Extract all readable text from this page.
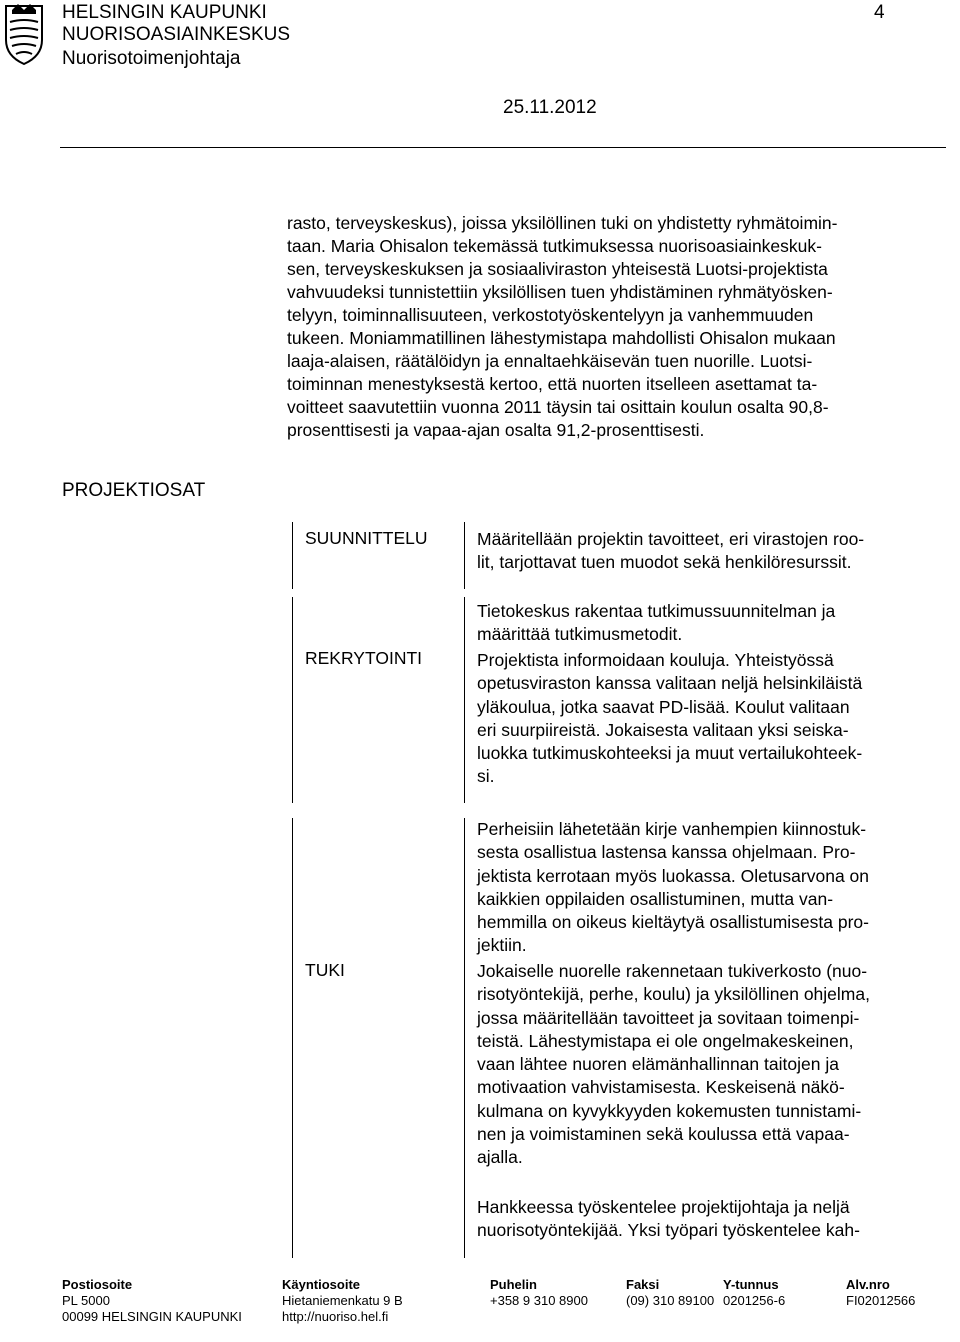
HELSINGIN KAUPUNKI
NUORISOASIAINKESKUS
Nuorisotoimenjohtaja
4
25.11.2012
rasto, terveyskeskus), joissa yksilöllinen tuki on yhdistetty ryhmätoimin-
taan. Maria Ohisalon tekemässä tutkimuksessa nuorisoasiainkeskuk-
sen, terveyskeskuksen ja sosiaaliviraston yhteisestä Luotsi-projektista
vahvuudeksi tunnistettiin yksilöllisen tuen yhdistäminen ryhmätyösken-
telyyn, toiminnallisuuteen, verkostotyöskentelyyn ja vanhemmuuden
tukeen. Moniammatillinen lähestymistapa mahdollisti Ohisalon mukaan
laaja-alaisen, räätälöidyn ja ennaltaehkäisevän tuen nuorille. Luotsi-
toiminnan menestyksestä kertoo, että nuorten itselleen asettamat ta-
voitteet saavutettiin vuonna 2011 täysin tai osittain koulun osalta 90,8-
prosenttisesti ja vapaa-ajan osalta 91,2-prosenttisesti.
PROJEKTIOSAT
SUUNNITTELU
REKRYTOINTI
TUKI
Määritellään projektin tavoitteet, eri virastojen roo-
lit, tarjottavat tuen muodot sekä henkilöresurssit.
Tietokeskus rakentaa tutkimussuunnitelman ja
määrittää tutkimusmetodit.
Projektista informoidaan kouluja. Yhteistyössä
opetusviraston kanssa valitaan neljä helsinkiläistä
yläkoulua, jotka saavat PD-lisää. Koulut valitaan
eri suurpiireistä. Jokaisesta valitaan yksi seiska-
luokka tutkimuskohteeksi ja muut vertailukohteek-
si.
Perheisiin lähetetään kirje vanhempien kiinnostuk-
sesta osallistua lastensa kanssa ohjelmaan. Pro-
jektista kerrotaan myös luokassa. Oletusarvona on
kaikkien oppilaiden osallistuminen, mutta van-
hemmilla on oikeus kieltäytyä osallistumisesta pro-
jektiin.
Jokaiselle nuorelle rakennetaan tukiverkosto (nuo-
risotyöntekijä, perhe, koulu) ja yksilöllinen ohjelma,
jossa määritellään tavoitteet ja sovitaan toimenpi-
teistä. Lähestymistapa ei ole ongelmakeskeinen,
vaan lähtee nuoren elämänhallinnan taitojen ja
motivaation vahvistamisesta. Keskeisenä näkö-
kulmana on kyvykkyyden kokemusten tunnistami-
nen ja voimistaminen sekä koulussa että vapaa-
ajalla.
Hankkeessa työskentelee projektijohtaja ja neljä
nuorisotyöntekijää. Yksi työpari työskentelee kah-
Postiosoite
PL 5000
00099 HELSINGIN KAUPUNKI
Käyntiosoite
Hietaniemenkatu 9 B
http://nuoriso.hel.fi
Puhelin
+358 9 310 8900
Faksi
(09) 310 89100
Y-tunnus
0201256-6
Alv.nro
FI02012566
